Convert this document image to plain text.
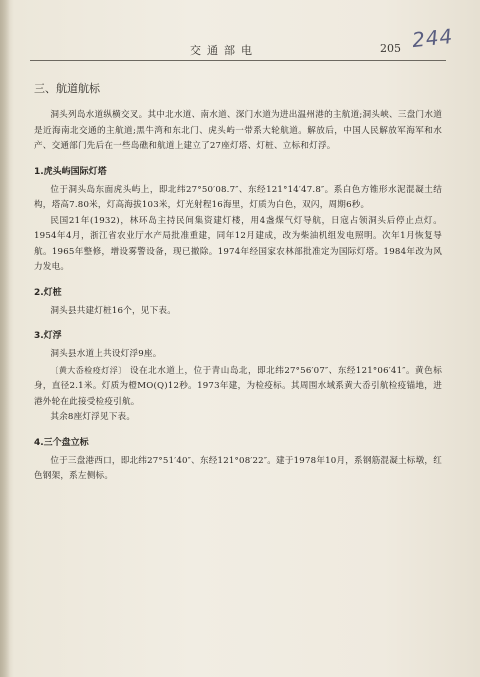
交通部电	205 244
三、航道航标

洞头列岛水道纵横交叉。其中北水道、南水道、深门水道为进出温州港的主航道;洞头峡、三盘门水道是近海南北交通的主航道;黑牛湾和东北门、虎头屿一带系大轮航道。解放后，中国人民解放军海军和水产、交通部门先后在一些岛礁和航道上建立了27座灯塔、灯桩、立标和灯浮。

1.虎头屿国际灯塔

位于洞头岛东面虎头屿上，即北纬27°50′08.7″、东经121°14′47.8″。系白色方锥形水泥混凝土结构，塔高7.80米，灯高海拔103米，灯光射程16海里，灯质为白色，双闪，周期6秒。

民国21年(1932)，林环岛主持民间集资建灯楼，用4盏煤气灯导航，日寇占领洞头后停止点灯。1954年4月，浙江省农业厅水产局批准重建，同年12月建成，改为柴油机组发电照明。次年1月恢复导航。1965年整修，增设雾警设备，现已撤除。1974年经国家农林部批准定为国际灯塔。1984年改为风力发电。

2.灯桩

洞头县共建灯桩16个，见下表。

3.灯浮

洞头县水道上共设灯浮9座。

〔黄大岙检疫灯浮〕 设在北水道上，位于青山岛北，即北纬27°56′07″、东经121°06′41″。黄色标身，直径2.1米。灯质为橙MO(Q)12秒。1973年建，为检疫标。其周围水域系黄大岙引航检疫锚地，进港外轮在此接受检疫引航。

其余8座灯浮见下表。

4.三个盘立标

位于三盘港西口，即北纬27°51′40″、东经121°08′22″。建于1978年10月，系钢筋混凝土标墩，红色钢架，系左侧标。
